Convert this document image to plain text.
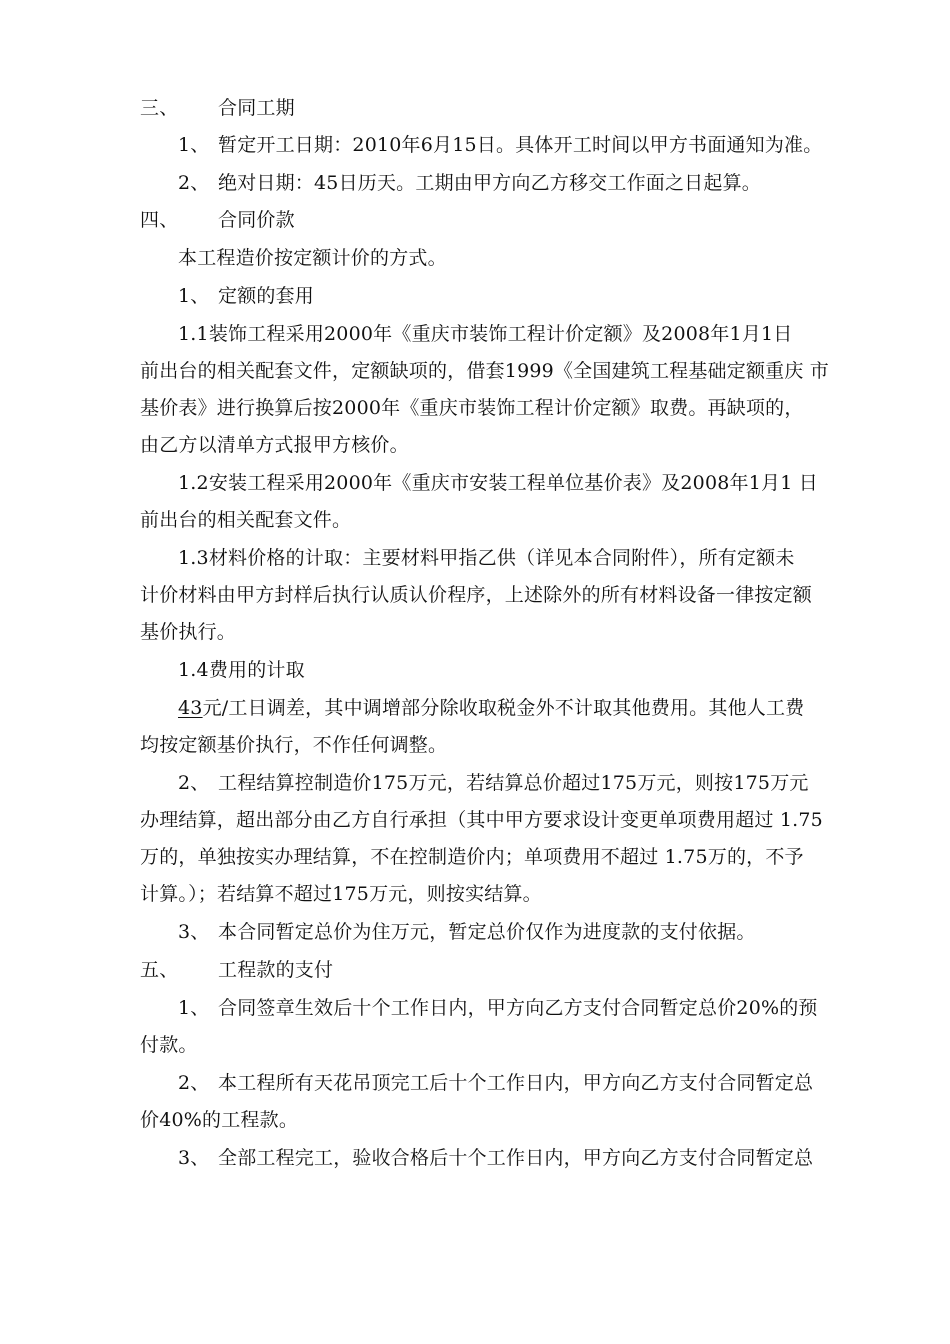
三、 合同工期
1、 暂定开工日期：2010年6月15日。具体开工时间以甲方书面通知为准。
2、 绝对日期：45日历天。工期由甲方向乙方移交工作面之日起算。
四、 合同价款
本工程造价按定额计价的方式。
1、 定额的套用
1.1装饰工程采用2000年《重庆市装饰工程计价定额》及2008年1月1日
前出台的相关配套文件，定额缺项的，借套1999《全国建筑工程基础定额重庆 市
基价表》进行换算后按2000年《重庆市装饰工程计价定额》取费。再缺项的，
由乙方以清单方式报甲方核价。
1.2安装工程采用2000年《重庆市安装工程单位基价表》及2008年1月1 日
前出台的相关配套文件。
1.3材料价格的计取：主要材料甲指乙供（详见本合同附件），所有定额未
计价材料由甲方封样后执行认质认价程序，上述除外的所有材料设备一律按定额
基价执行。
1.4费用的计取
43元/工日调差，其中调增部分除收取税金外不计取其他费用。其他人工费
均按定额基价执行，不作任何调整。
2、 工程结算控制造价175万元，若结算总价超过175万元，则按175万元
办理结算，超出部分由乙方自行承担（其中甲方要求设计变更单项费用超过 1.75
万的，单独按实办理结算，不在控制造价内；单项费用不超过 1.75万的，不予
计算。）；若结算不超过175万元，则按实结算。
3、 本合同暂定总价为住万元，暂定总价仅作为进度款的支付依据。
五、 工程款的支付
1、 合同签章生效后十个工作日内，甲方向乙方支付合同暂定总价20%的预
付款。
2、 本工程所有天花吊顶完工后十个工作日内，甲方向乙方支付合同暂定总
价40%的工程款。
3、 全部工程完工，验收合格后十个工作日内，甲方向乙方支付合同暂定总
